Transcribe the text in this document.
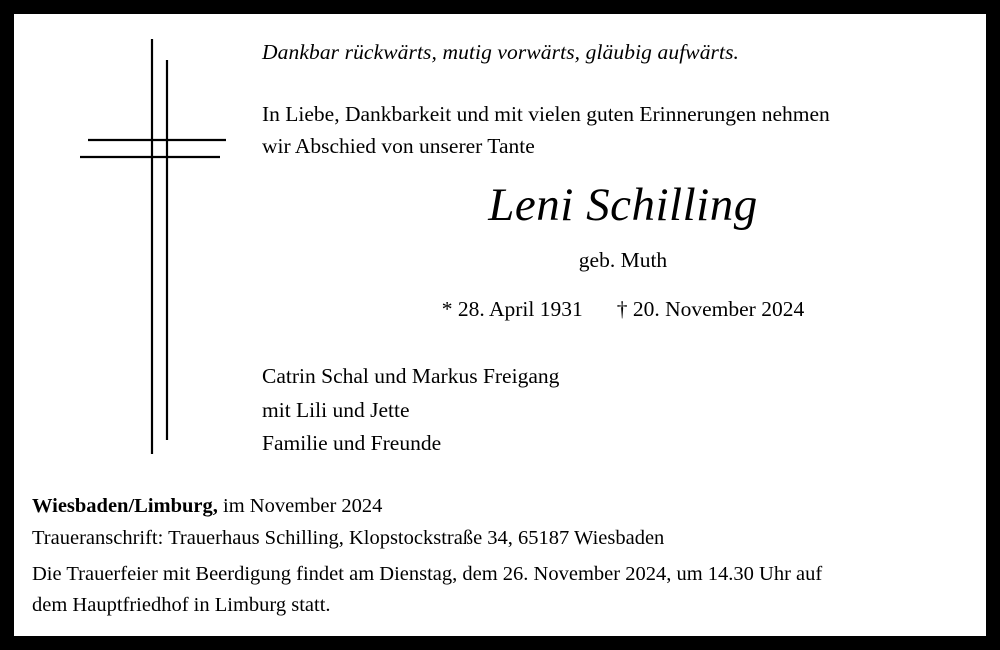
Dankbar rückwärts, mutig vorwärts, gläubig aufwärts.

In Liebe, Dankbarkeit und mit vielen guten Erinnerungen nehmen
wir Abschied von unserer Tante

Leni Schilling
geb. Muth
* 28. April 1931 † 20. November 2024
Catrin Schal und Markus Freigang
mit Lili und Jette
Familie und Freunde

Wiesbaden/Limburg, im November 2024

Traueranschrift: Trauerhaus Schilling, Klopstockstraße 34, 65187 Wiesbaden

Die Trauerfeier mit Beerdigung findet am Dienstag, dem 26. November 2024, um 14.30 Uhr auf
dem Hauptfriedhof in Limburg statt.
